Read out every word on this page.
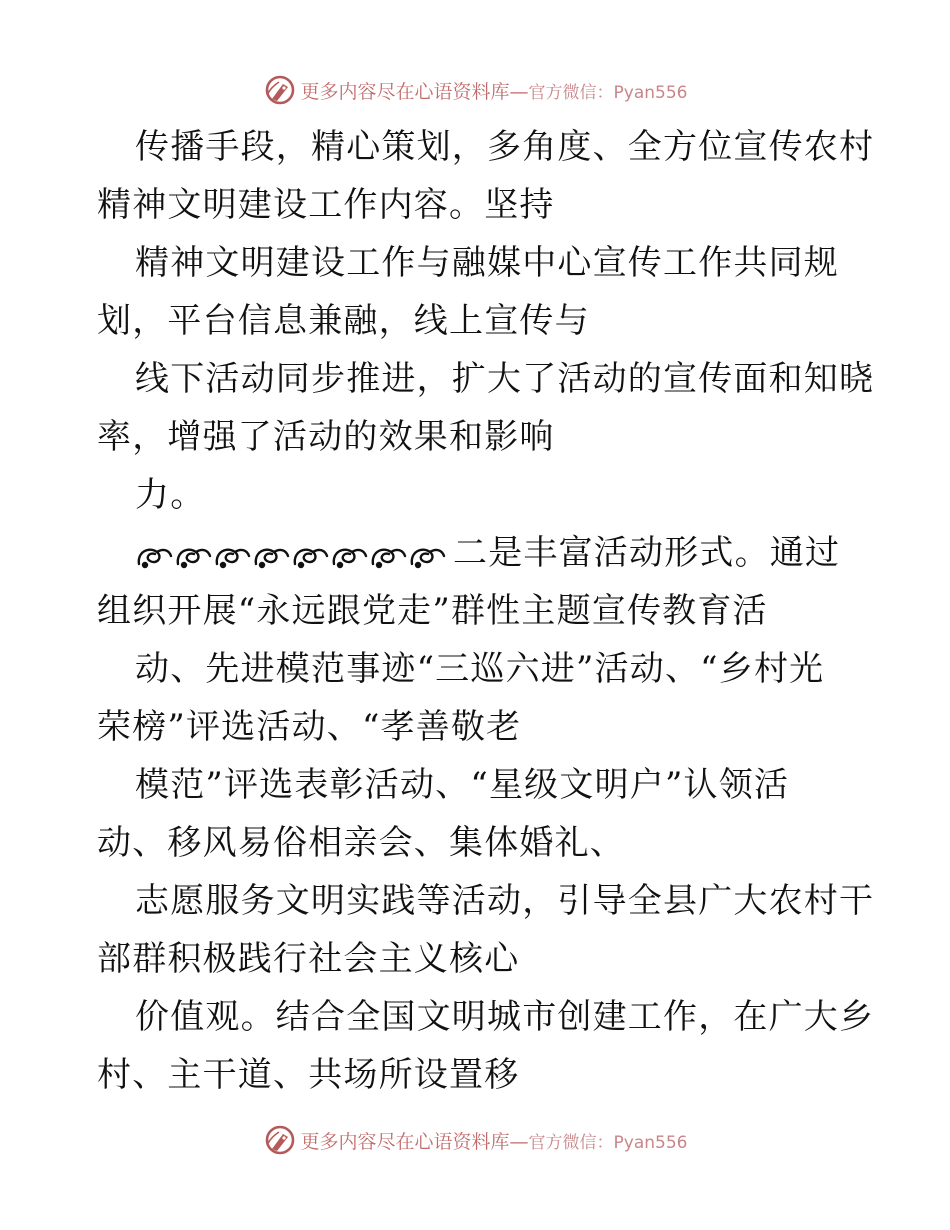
更多内容尽在心语资料库— 官方微信：Pyan556
传播手段，精心策划，多角度、全方位宣传农村
精神文明建设工作内容。坚持
精神文明建设工作与融媒中心宣传工作共同规
划，平台信息兼融，线上宣传与
线下活动同步推进，扩大了活动的宣传面和知晓
率，增强了活动的效果和影响
力。
二是丰富活动形式。通过
组织开展“永远跟党走”群性主题宣传教育活
动、先进模范事迹“三巡六进”活动、“乡村光
荣榜”评选活动、“孝善敬老
模范”评选表彰活动、“星级文明户”认领活
动、移风易俗相亲会、集体婚礼、
志愿服务文明实践等活动，引导全县广大农村干
部群积极践行社会主义核心
价值观。结合全国文明城市创建工作，在广大乡
村、主干道、共场所设置移
更多内容尽在心语资料库— 官方微信：Pyan556
